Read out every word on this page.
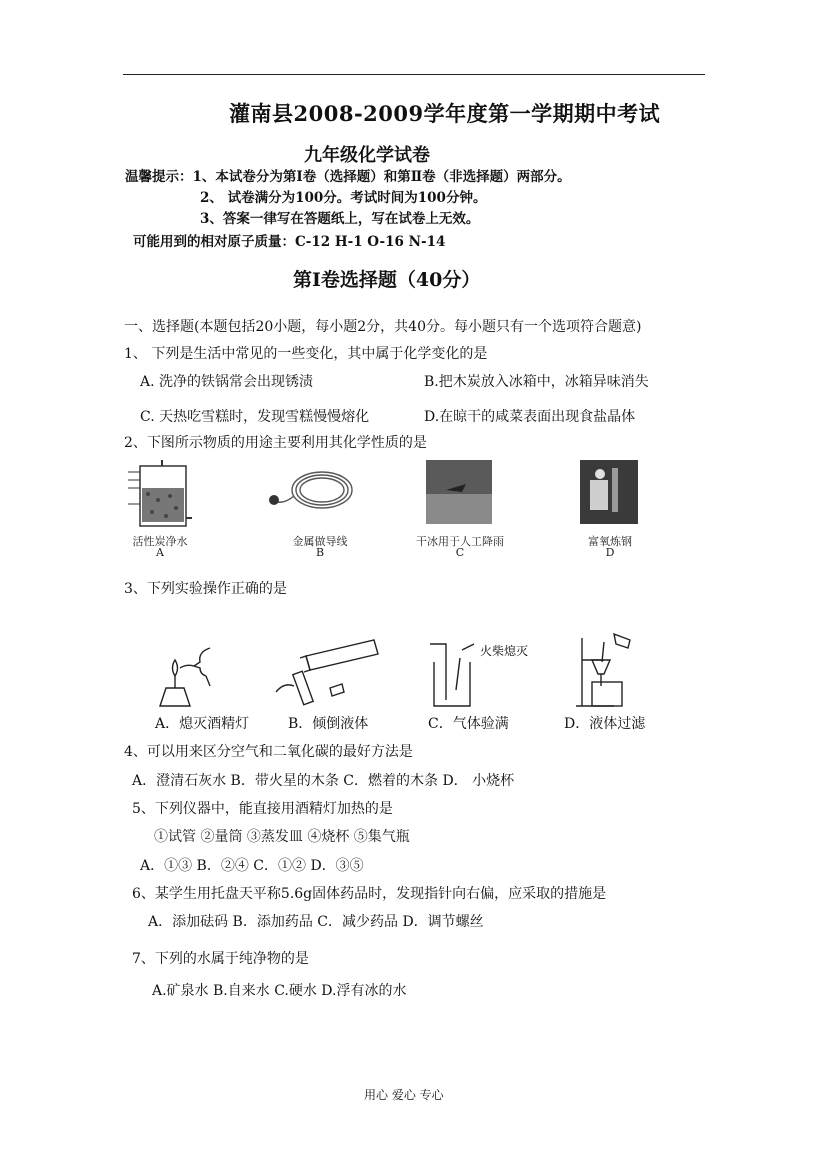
灌南县2008-2009学年度第一学期期中考试
九年级化学试卷
温馨提示：1、本试卷分为第Ⅰ卷（选择题）和第Ⅱ卷（非选择题）两部分。
2、 试卷满分为100分。考试时间为100分钟。
3、答案一律写在答题纸上，写在试卷上无效。
可能用到的相对原子质量：C-12 H-1 O-16 N-14
第Ⅰ卷选择题（40分）
一、选择题(本题包括20小题，每小题2分，共40分。每小题只有一个选项符合题意)
1、 下列是生活中常见的一些变化，其中属于化学变化的是
A. 洗净的铁锅常会出现锈渍	B.把木炭放入冰箱中，冰箱异味消失
C. 天热吃雪糕时，发现雪糕慢慢熔化	D.在晾干的咸菜表面出现食盐晶体
2、下图所示物质的用途主要利用其化学性质的是
活性炭净水
A
金属做导线
B
干冰用于人工降雨
C
富氧炼钢
D
3、下列实验操作正确的是
A．熄灭酒精灯	B．倾倒液体
火柴熄灭
C．气体验满	D．液体过滤
4、可以用来区分空气和二氧化碳的最好方法是
A．澄清石灰水 B．带火星的木条 C．燃着的木条 D． 小烧杯
5、下列仪器中，能直接用酒精灯加热的是
①试管 ②量筒 ③蒸发皿 ④烧杯 ⑤集气瓶
A．①③ B．②④ C．①② D．③⑤
6、某学生用托盘天平称5.6g固体药品时，发现指针向右偏，应采取的措施是
A．添加砝码 B．添加药品 C．减少药品 D．调节螺丝
7、下列的水属于纯净物的是
A.矿泉水 B.自来水 C.硬水 D.浮有冰的水
用心 爱心 专心
